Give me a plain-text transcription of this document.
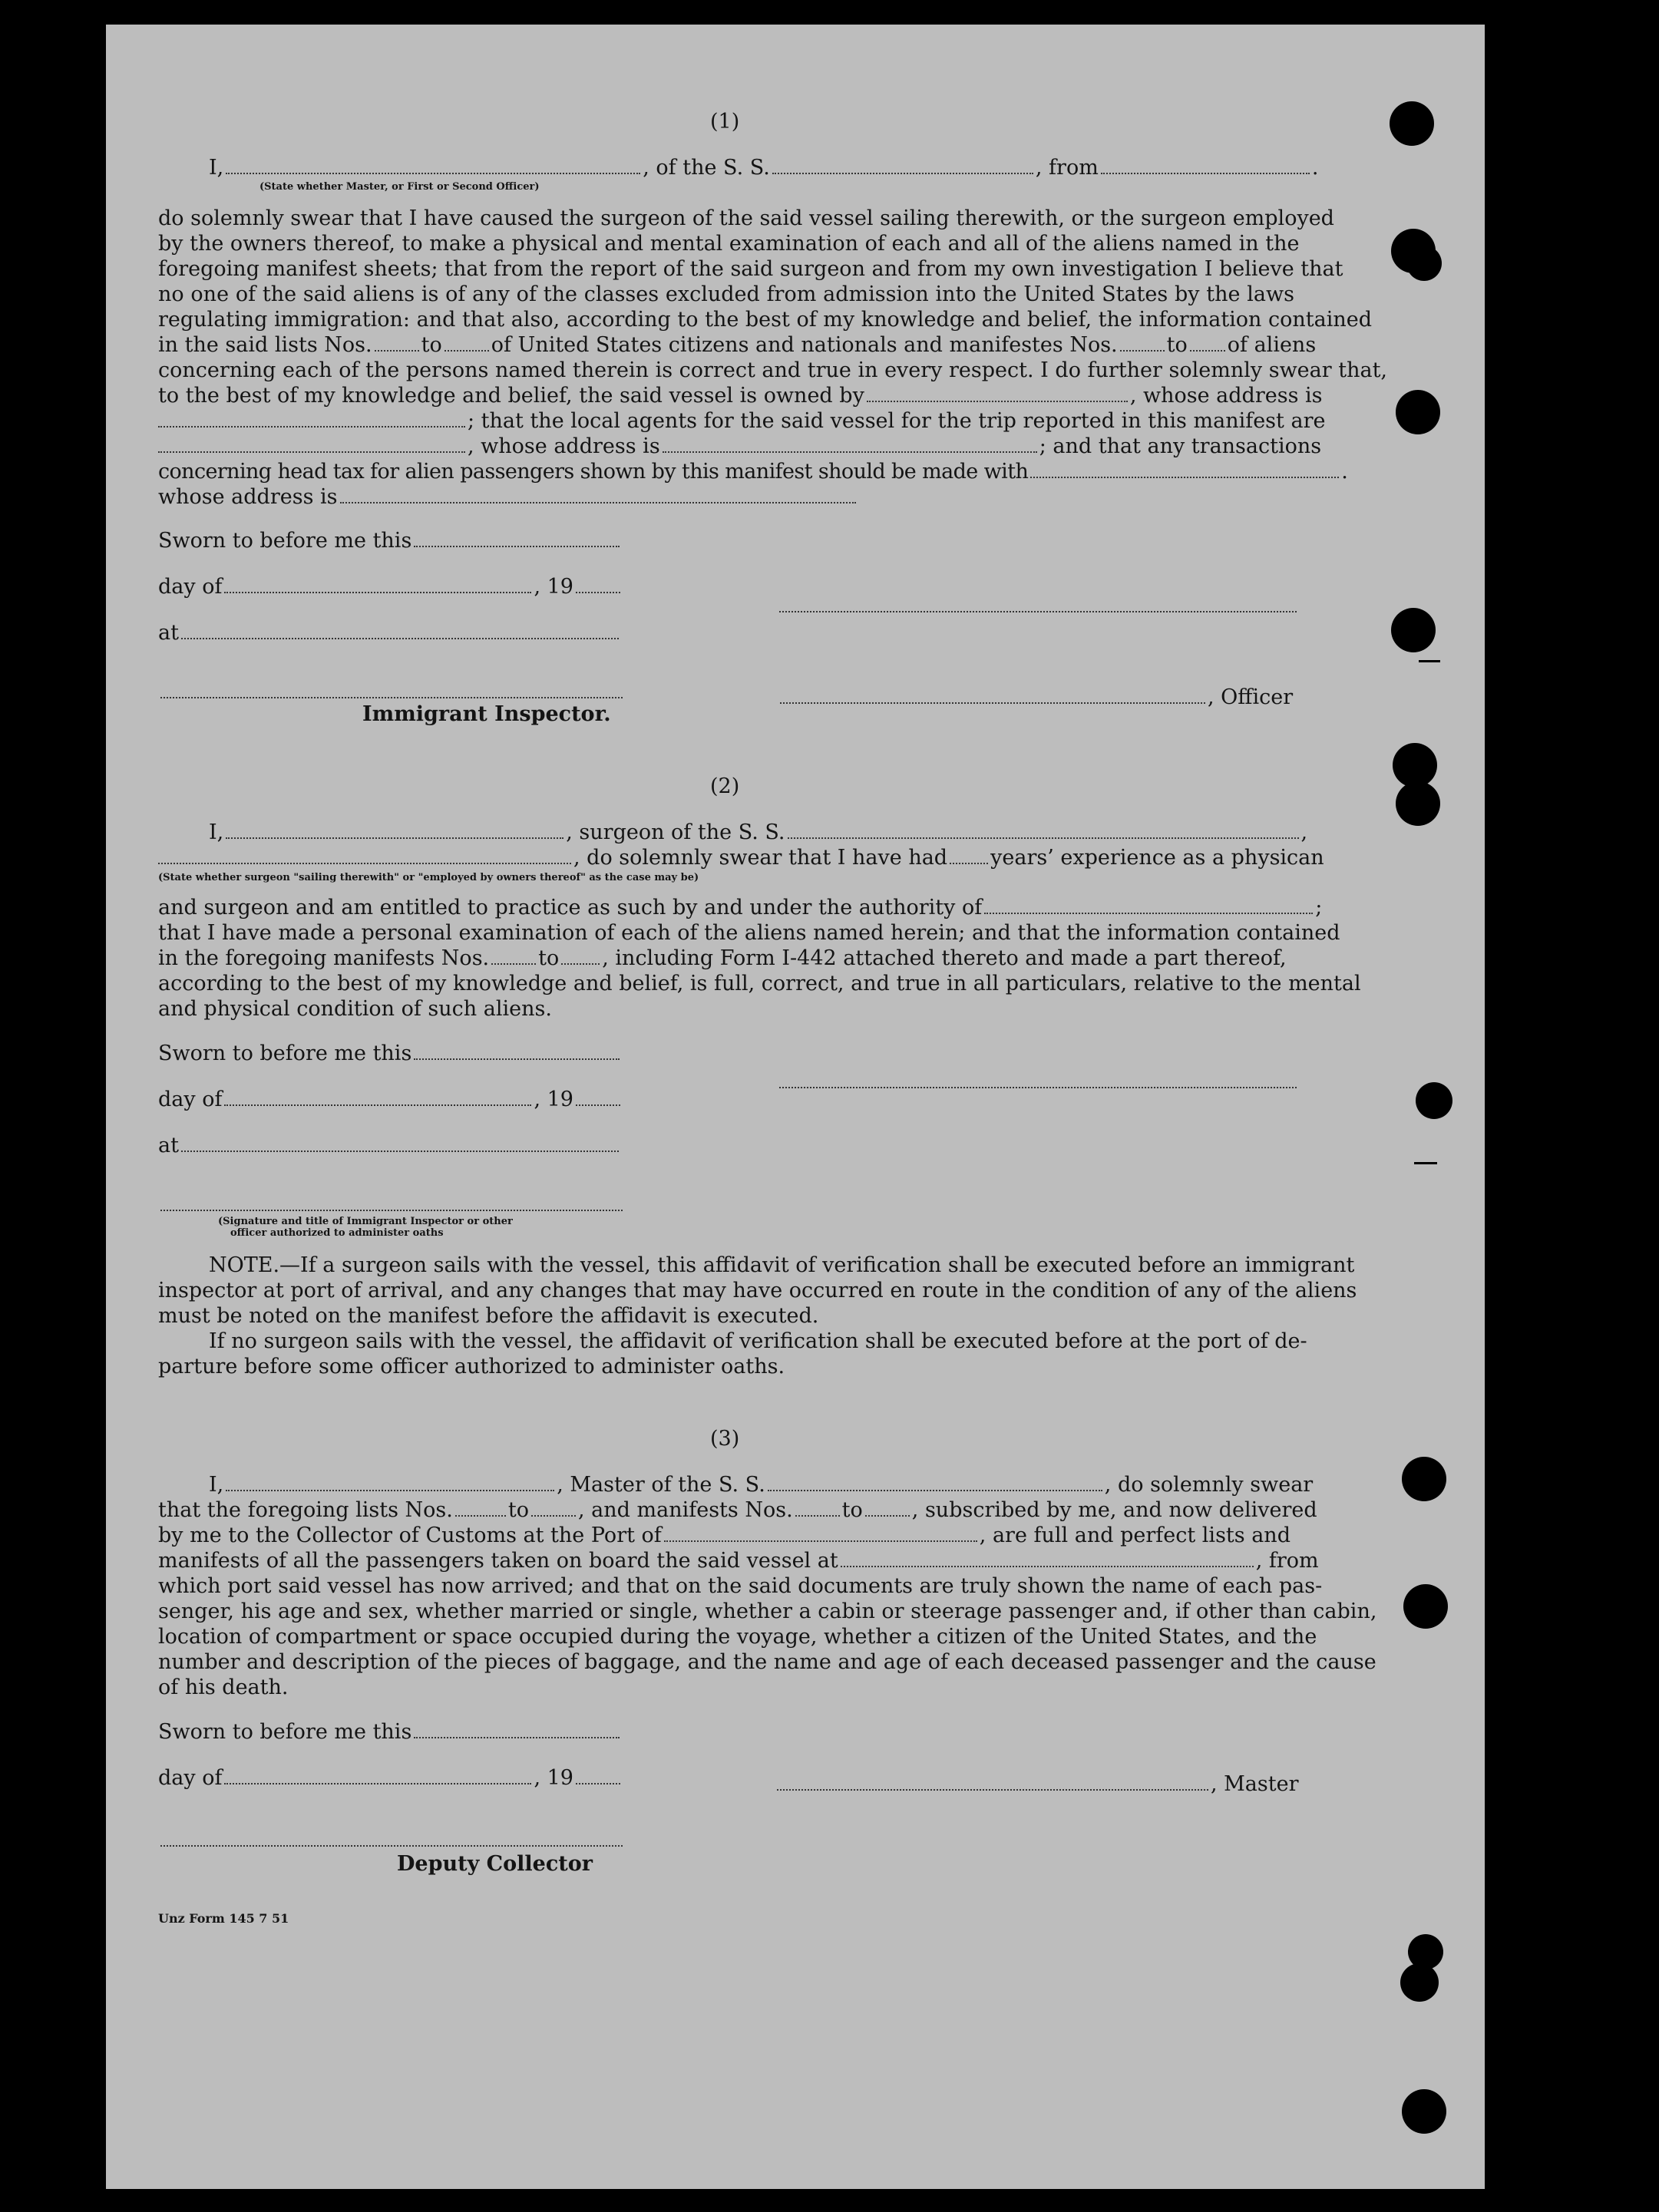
(1)
I,	, of the S. S.	, from	.
(State whether Master, or First or Second Officer)
do solemnly swear that I have caused the surgeon of the said vessel sailing therewith, or the surgeon employed
by the owners thereof, to make a physical and mental examination of each and all of the aliens named in the
foregoing manifest sheets; that from the report of the said surgeon and from my own investigation I believe that
no one of the said aliens is of any of the classes excluded from admission into the United States by the laws
regulating immigration: and that also, according to the best of my knowledge and belief, the information contained
in the said lists Nos. to of United States citizens and nationals and manifestes Nos. to of aliens
concerning each of the persons named therein is correct and true in every respect. I do further solemnly swear that,
to the best of my knowledge and belief, the said vessel is owned by	, whose address is
; that the local agents for the said vessel for the trip reported in this manifest are
, whose address is	; and that any transactions
concerning head tax for alien passengers shown by this manifest should be made with	.
whose address is
Sworn to before me this
day of	, 19
at
, Officer
Immigrant Inspector.
(2)
I,	, surgeon of the S. S.	,
, do solemnly swear that I have had years’ experience as a physican
(State whether surgeon "sailing therewith" or "employed by owners thereof" as the case may be)
and surgeon and am entitled to practice as such by and under the authority of	;
that I have made a personal examination of each of the aliens named herein; and that the information contained
in the foregoing manifests Nos. to , including Form I-442 attached thereto and made a part thereof,
according to the best of my knowledge and belief, is full, correct, and true in all particulars, relative to the mental
and physical condition of such aliens.
Sworn to before me this
day of	, 19
at
(Signature and title of Immigrant Inspector or other
officer authorized to administer oaths
NOTE.—If a surgeon sails with the vessel, this affidavit of verification shall be executed before an immigrant
inspector at port of arrival, and any changes that may have occurred en route in the condition of any of the aliens
must be noted on the manifest before the affidavit is executed.
If no surgeon sails with the vessel, the affidavit of verification shall be executed before at the port of de-
parture before some officer authorized to administer oaths.
(3)
I,	, Master of the S. S.	, do solemnly swear
that the foregoing lists Nos.	to , and manifests Nos. to , subscribed by me, and now delivered
by me to the Collector of Customs at the Port of	, are full and perfect lists and
manifests of all the passengers taken on board the said vessel at	, from
which port said vessel has now arrived; and that on the said documents are truly shown the name of each pas-
senger, his age and sex, whether married or single, whether a cabin or steerage passenger and, if other than cabin,
location of compartment or space occupied during the voyage, whether a citizen of the United States, and the
number and description of the pieces of baggage, and the name and age of each deceased passenger and the cause
of his death.
Sworn to before me this
day of	, 19	, Master
Deputy Collector
Unz Form 145 7 51
